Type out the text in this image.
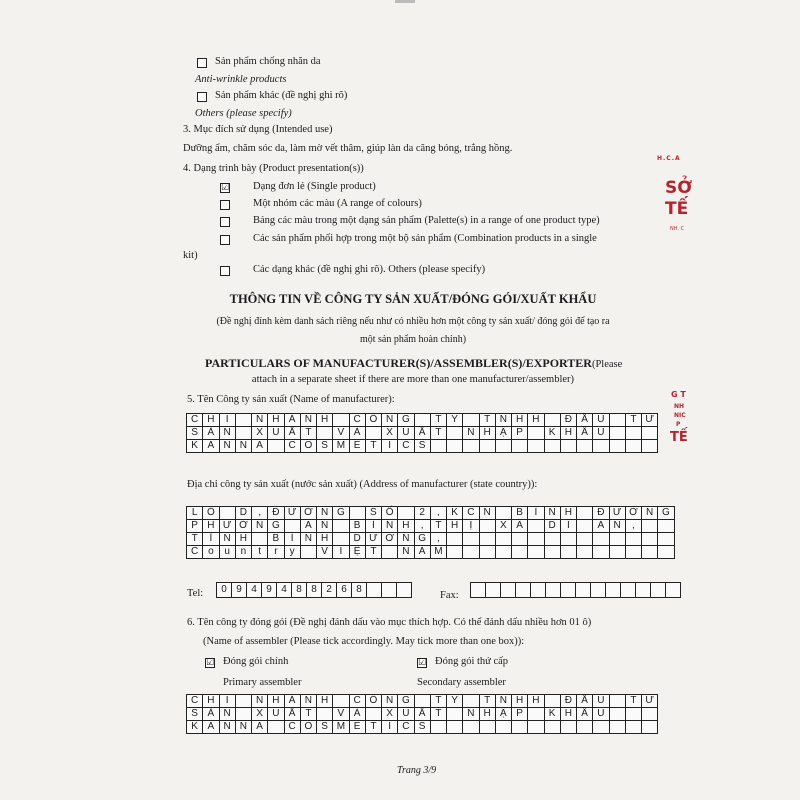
Sản phẩm chống nhăn da
Anti-wrinkle products
Sản phẩm khác (đề nghị ghi rõ)
Others (please specify)
3. Mục đích sử dụng (Intended use)
Dưỡng ẩm, chăm sóc da, làm mờ vết thâm, giúp làn da căng bóng, trắng hồng.
4. Dạng trình bày (Product presentation(s))
☑ Dạng đơn lẻ (Single product)
Một nhóm các màu (A range of colours)
Bảng các màu trong một dạng sản phẩm (Palette(s) in a range of one product type)
Các sản phẩm phối hợp trong một bộ sản phẩm (Combination products in a single
kit)
Các dạng khác (đề nghị ghi rõ). Others (please specify)
THÔNG TIN VỀ CÔNG TY SẢN XUẤT/ĐÓNG GÓI/XUẤT KHẨU
(Đề nghị đính kèm danh sách riêng nếu như có nhiều hơn một công ty sản xuất/ đóng gói để tạo ra
một sản phẩm hoàn chỉnh)
PARTICULARS OF MANUFACTURER(S)/ASSEMBLER(S)/EXPORTER(Please
attach in a separate sheet if there are more than one manufacturer/assembler)
5. Tên Công ty sản xuất (Name of manufacturer):
C	H	I		N	H	Á	N	H		C	Ô	N	G		T	Y		T	N	H	H		Đ	Ầ	U		T	Ư
S	Ả	N		X	U	Ấ	T		V	À		X	U	Ấ	T		N	H	Ậ	P		K	H	Ẩ	U			
K	A	N	N	A		C	O	S	M	E	T	I	C	S														
Địa chỉ công ty sản xuất (nước sản xuất) (Address of manufacturer (state country)):
L	Ô		D	,	Đ	Ư	Ờ	N	G		S	Ố		2	,	K	C	N		B	Ì	N	H		Đ	Ư	Ờ	N	G
P	H	Ư	Ờ	N	G		A	N		B	Ì	N	H	,	T	H	Ị		X	Ã		D	Ĩ		A	N	,		
T	Ỉ	N	H		B	Ì	N	H		D	Ư	Ơ	N	G	,														
C	o	u	n	t	r	y		V	I	Ệ	T		N	A	M														
Tel: 0	9	4	9	4	8	8	2	6	8			
Fax:

6. Tên công ty đóng gói (Đề nghị đánh dấu vào mục thích hợp. Có thể đánh dấu nhiều hơn 01 ô)
(Name of assembler (Please tick accordingly. May tick more than one box)):
☑ Đóng gói chính
Primary assembler
☑ Đóng gói thứ cấp
Secondary assembler
C	H	I		N	H	Á	N	H		C	Ô	N	G		T	Y		T	N	H	H		Đ	Ầ	U		T	Ư
S	Ả	N		X	U	Ấ	T		V	À		X	U	Ấ	T		N	H	Ậ	P		K	H	Ẩ	U			
K	A	N	N	A		C	O	S	M	E	T	I	C	S														
Trang 3/9
H.C.A
SỞ
TẾ
NH. C
G T
NH
NIC
P
TẾ
